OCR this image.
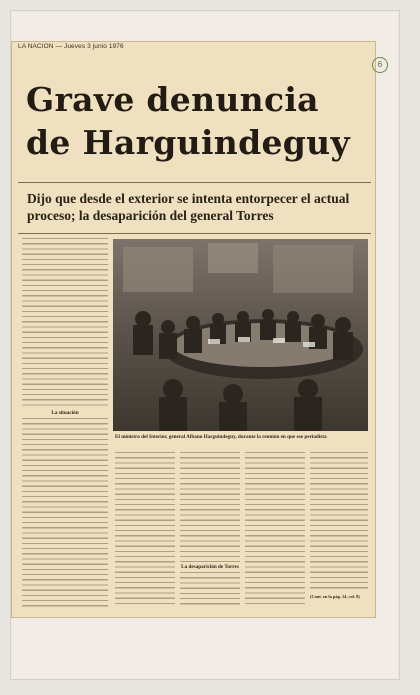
LA NACION — Jueves 3 junio 1976
6
Grave denuncia
de Harguindeguy
Dijo que desde el exterior se intenta entorpecer el actual proceso; la desaparición del general Torres
La situación
El ministro del Interior, general Albano Harguindeguy, durante la reunión en que ese periodista
La desaparición de Torres
(Cont. en la pág. 14, col. 8)
